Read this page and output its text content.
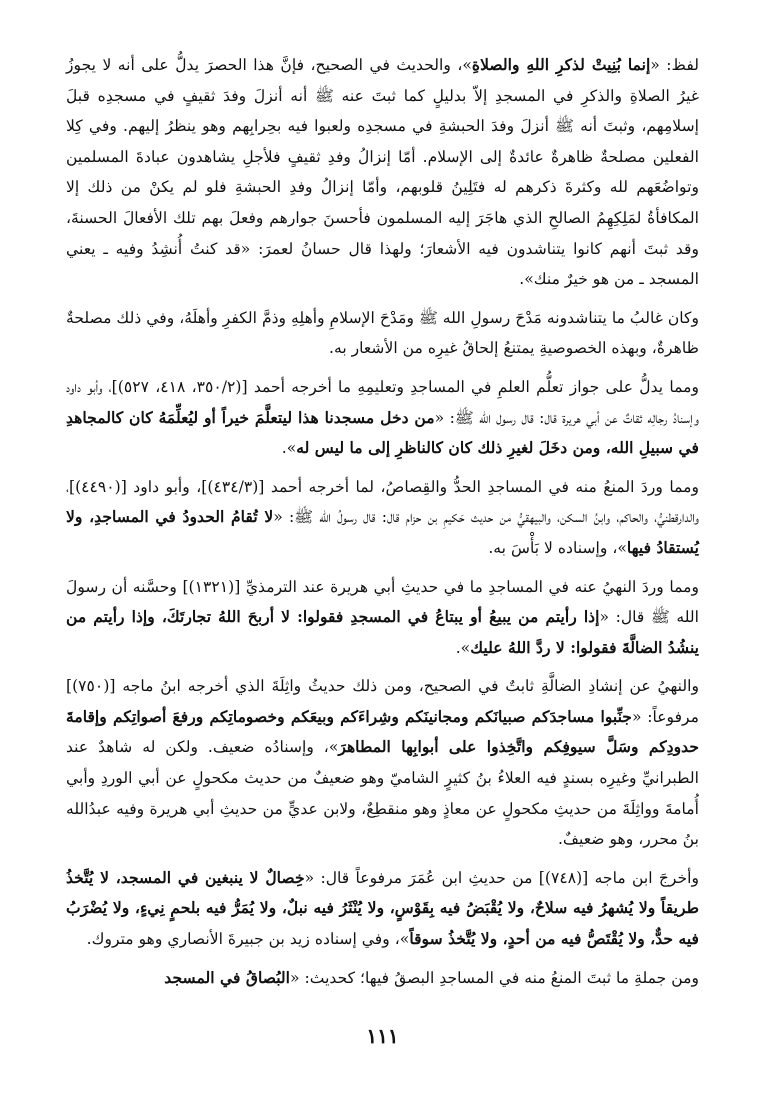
لفظ: «إنما بُنِيتْ لذكرِ اللهِ والصلاةِ»، والحديث في الصحيح، فإنَّ هذا الحصرَ يدلُّ على أنه لا يجوزُ غيرُ الصلاةِ والذكرِ في المسجدِ إلاّ بدليلٍ كما ثبتَ عنه ﷺ أنه أنزلَ وفدَ ثقيفٍ في مسجدِه قبلَ إسلامِهم، وثبتَ أنه ﷺ أنزلَ وفدَ الحبشةِ في مسجدِه ولعبوا فيه بحِرابِهم وهو ينظرُ إليهم. وفي كِلا الفعلين مصلحةٌ ظاهرةٌ عائدةٌ إلى الإسلام. أمّا إنزالُ وفدِ ثقيفٍ فلأجلِ يشاهدون عبادةَ المسلمين وتواضُعَهم لله وكثرةَ ذكرهم له فتَلِينُ قلوبهم، وأمّا إنزالُ وفدِ الحبشةِ فلو لم يكنْ من ذلك إلا المكافأةُ لمَلِكِهِمُ الصالحِ الذي هاجَرَ إليه المسلمون فأحسنَ جوارهم وفعلَ بهم تلك الأفعالَ الحسنةَ، وقد ثبتَ أنهم كانوا يتناشدون فيه الأشعارَ؛ ولهذا قال حسانُ لعمرَ: «قد كنتُ أُنشِدُ وفيه ـ يعني المسجد ـ من هو خيرٌ منك».

وكان غالبُ ما يتناشدونه مَدْحَ رسولِ الله ﷺ ومَدْحَ الإسلامِ وأهلِهِ وذمَّ الكفرِ وأهلَهُ، وفي ذلك مصلحةٌ ظاهرةٌ، وبهذه الخصوصيةِ يمتنعُ إلحاقُ غيرِه من الأشعار به.

ومما يدلُّ على جواز تعلُّم العلمِ في المساجدِ وتعليمِهِ ما أخرجه أحمد [(٣٥٠/٢، ٤١٨، ٥٢٧)]، وأبو داود وإسنادُ رجالِه ثقاتٌ عن أبي هريرة قال: قال رسول الله ﷺ: «من دخل مسجدنا هذا ليتعلَّمَ خيراً أو ليُعلِّمَهُ كان كالمجاهدِ في سبيلِ الله، ومن دخَلَ لغيرِ ذلك كان كالناظرِ إلى ما ليس له».

ومما وردَ المنعُ منه في المساجدِ الحدُّ والقِصاصُ، لما أخرجه أحمد [(٤٣٤/٣)]، وأبو داود [(٤٤٩٠)]، والدارقطنيُّ، والحاكم، وابنُ السكن، والبيهقيُّ من حديث حَكيمِ بن حزام قال: قال رسولُ الله ﷺ: «لا تُقامُ الحدودُ في المساجدِ، ولا يُستقادُ فيها»، وإسناده لا بَأْسَ به.

ومما وردَ النهيُ عنه في المساجدِ ما في حديثِ أبي هريرة عند الترمذيِّ [(١٣٢١)] وحسَّنه أن رسولَ الله ﷺ قال: «إذا رأيتم من يبيعُ أو يبتاعُ في المسجدِ فقولوا: لا أربحَ اللهُ تجارتَكَ، وإذا رأيتم من ينشُدُ الضالَّةَ فقولوا: لا ردَّ اللهُ عليك».

والنهيُ عن إنشادِ الضالَّةِ ثابتٌ في الصحيح، ومن ذلك حديثُ واثِلَةَ الذي أخرجه ابنُ ماجه [(٧٥٠)] مرفوعاً: «جنِّبوا مساجدَكم صبيانَكم ومجانينَكم وشِراءَكم وبيعَكم وخصوماتِكم ورفعَ أصواتِكم وإقامةَ حدودِكم وسَلَّ سيوفِكم واتَّخِذوا على أبوابِها المطاهرَ»، وإسنادُه ضعيف. ولكن له شاهدٌ عند الطبرانيِّ وغيرِه بسندٍ فيه العلاءُ بنُ كثيرٍ الشاميّ وهو ضعيفٌ من حديث مكحولٍ عن أبي الوردِ وأبي أُمامةَ وواثِلَةَ من حديثِ مكحولٍ عن معاذٍ وهو منقطِعٌ، ولابن عديٍّ من حديثِ أبي هريرة وفيه عبدُالله بنُ محرر، وهو ضعيفٌ.

وأخرجَ ابن ماجه [(٧٤٨)] من حديثِ ابن عُمَرَ مرفوعاً قال: «خِصالٌ لا ينبغين في المسجد، لا يُتَّخذُ طريقاً ولا يُشهرُ فيه سلاحٌ، ولا يُقْبَضُ فيه بِقَوْسٍ، ولا يُنْثَرُ فيه نبلٌ، ولا يُمَرُّ فيه بلحمٍ نِيءٍ، ولا يُضْرَبُ فيه حدٌّ، ولا يُقْتَصُّ فيه من أحدٍ، ولا يُتَّخذُ سوقاً»، وفي إسناده زيد بن جبيرةَ الأنصاري وهو متروك.

ومن جملةِ ما ثبتَ المنعُ منه في المساجدِ البصقُ فيها؛ كحديث: «البُصاقُ في المسجد

١١١
